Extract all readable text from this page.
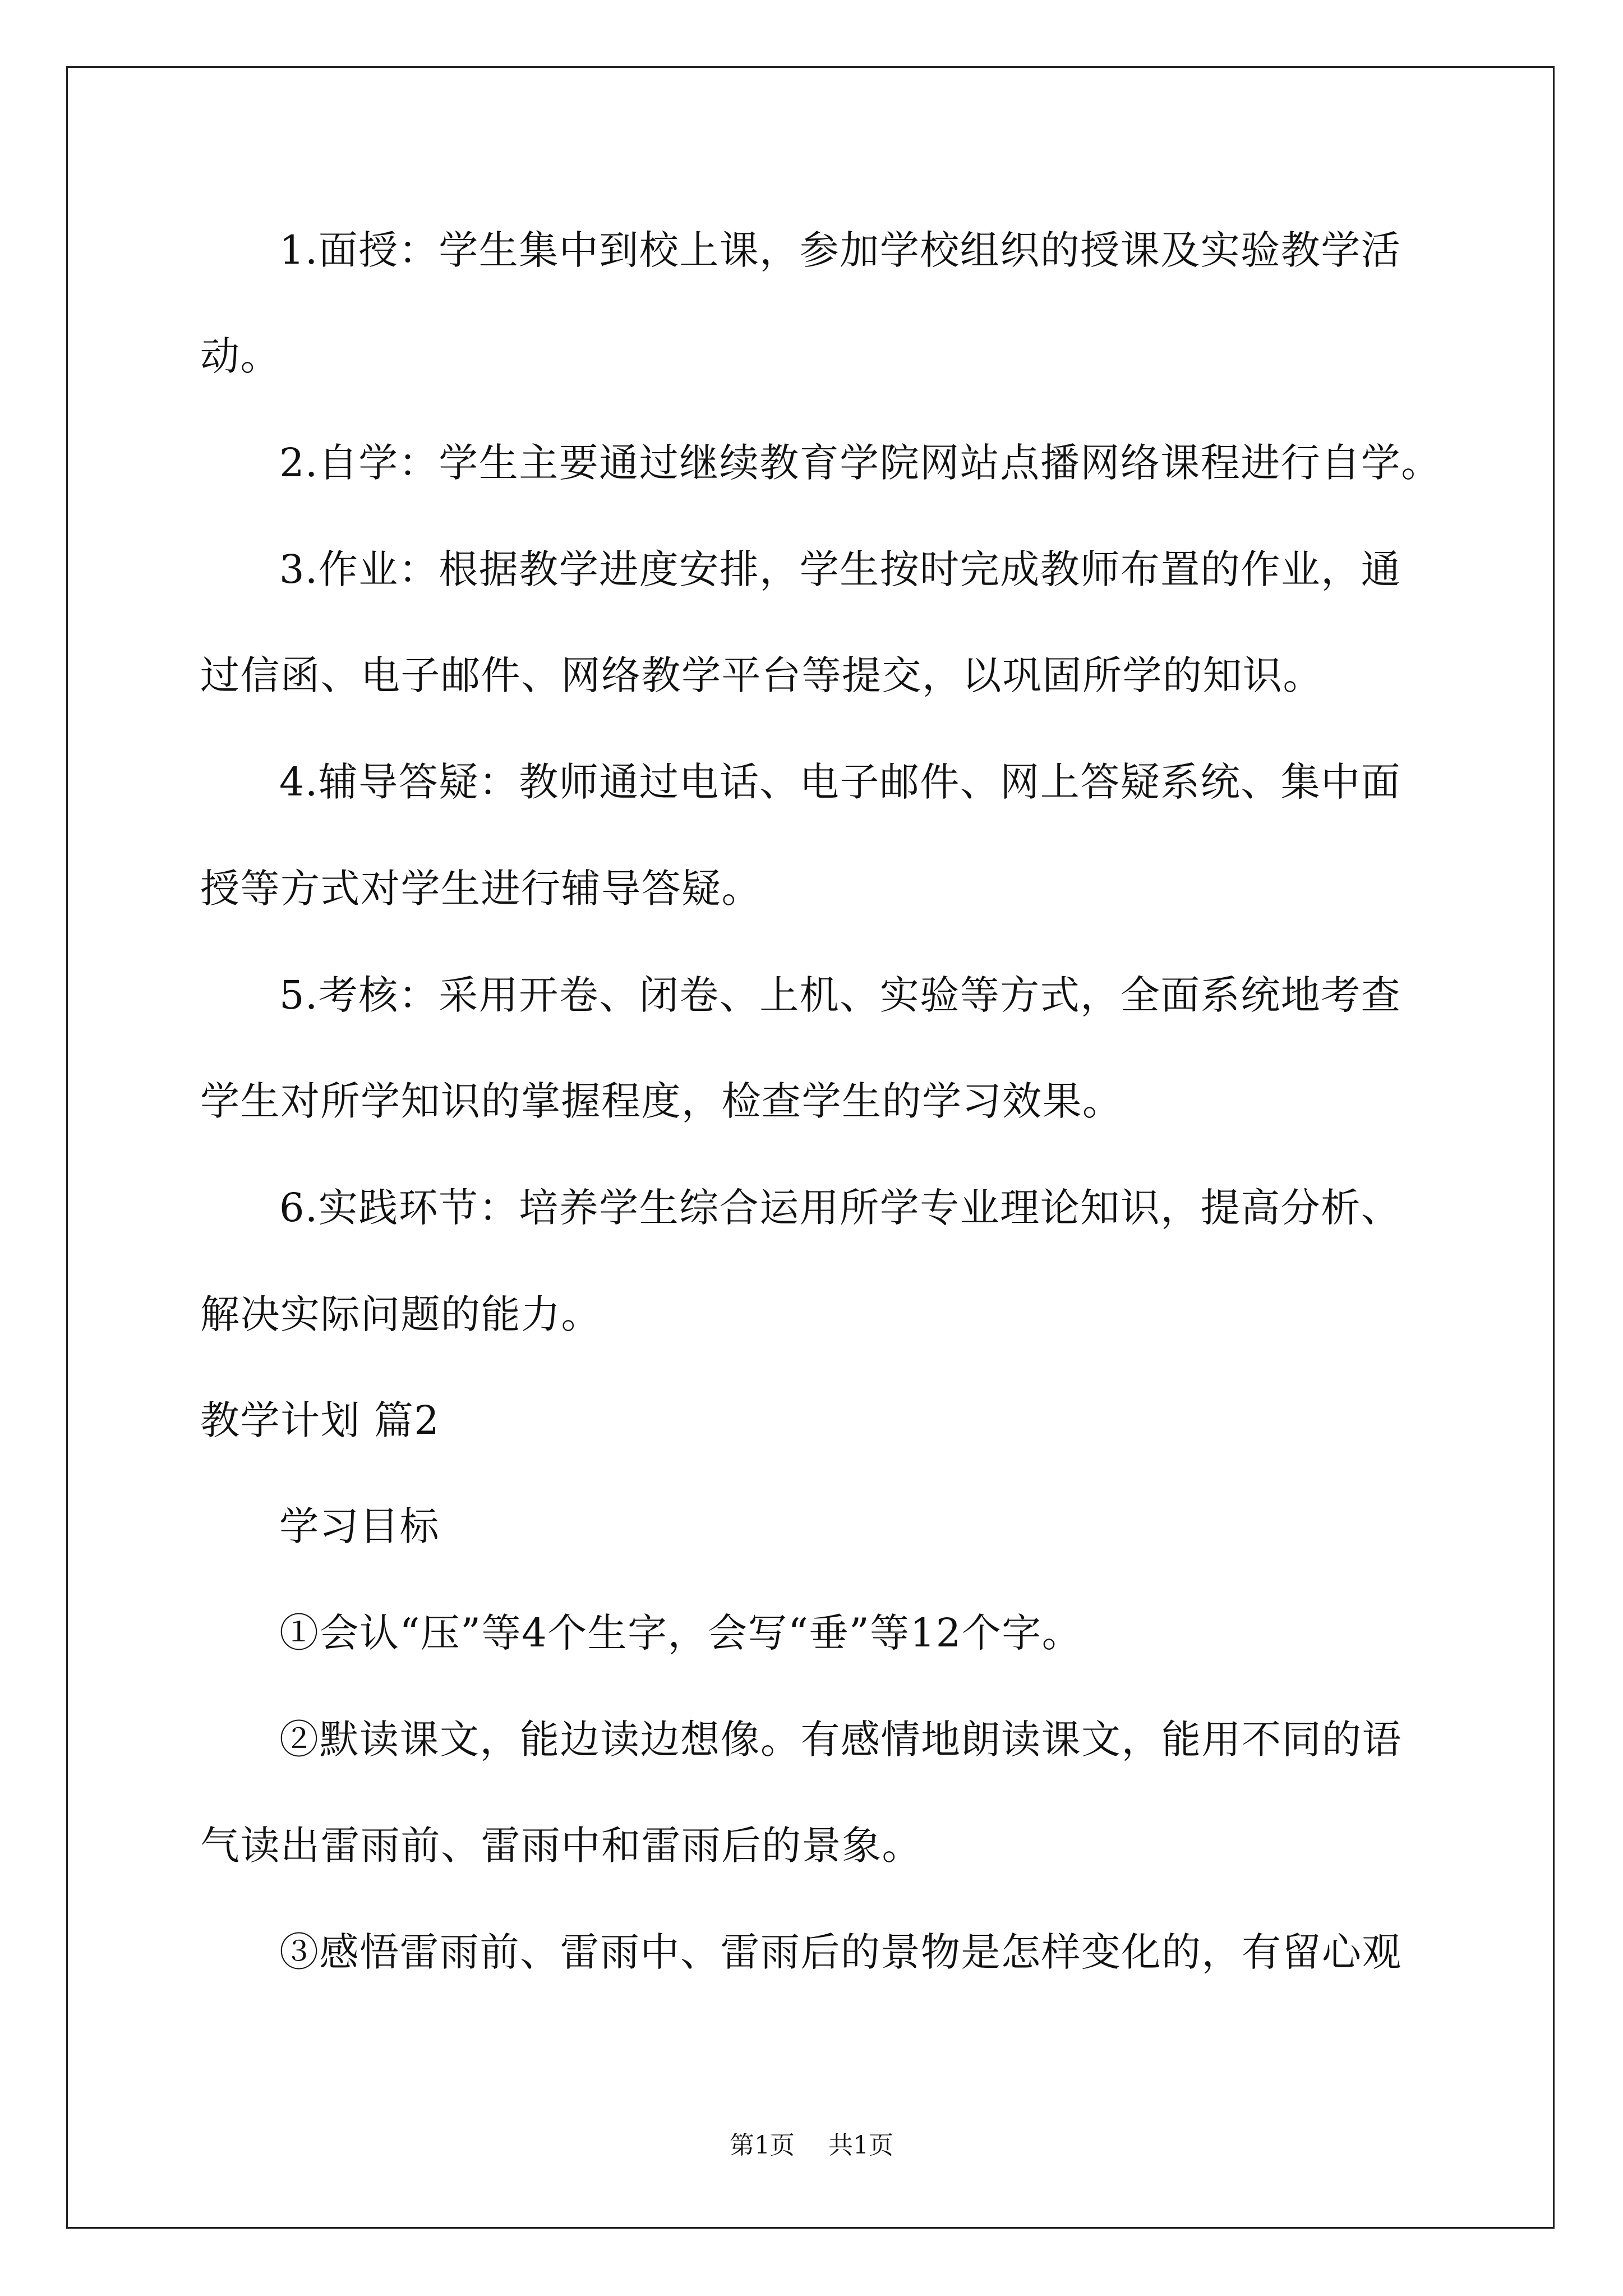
1.面授：学生集中到校上课，参加学校组织的授课及实验教学活
动。
2.自学：学生主要通过继续教育学院网站点播网络课程进行自学。
3.作业：根据教学进度安排，学生按时完成教师布置的作业，通
过信函、电子邮件、网络教学平台等提交，以巩固所学的知识。
4.辅导答疑：教师通过电话、电子邮件、网上答疑系统、集中面
授等方式对学生进行辅导答疑。
5.考核：采用开卷、闭卷、上机、实验等方式，全面系统地考查
学生对所学知识的掌握程度，检查学生的学习效果。
6.实践环节：培养学生综合运用所学专业理论知识，提高分析、
解决实际问题的能力。
教学计划 篇2
学习目标
①会认“压”等4个生字，会写“垂”等12个字。
②默读课文，能边读边想像。有感情地朗读课文，能用不同的语
气读出雷雨前、雷雨中和雷雨后的景象。
③感悟雷雨前、雷雨中、雷雨后的景物是怎样变化的，有留心观
第1页 共1页
